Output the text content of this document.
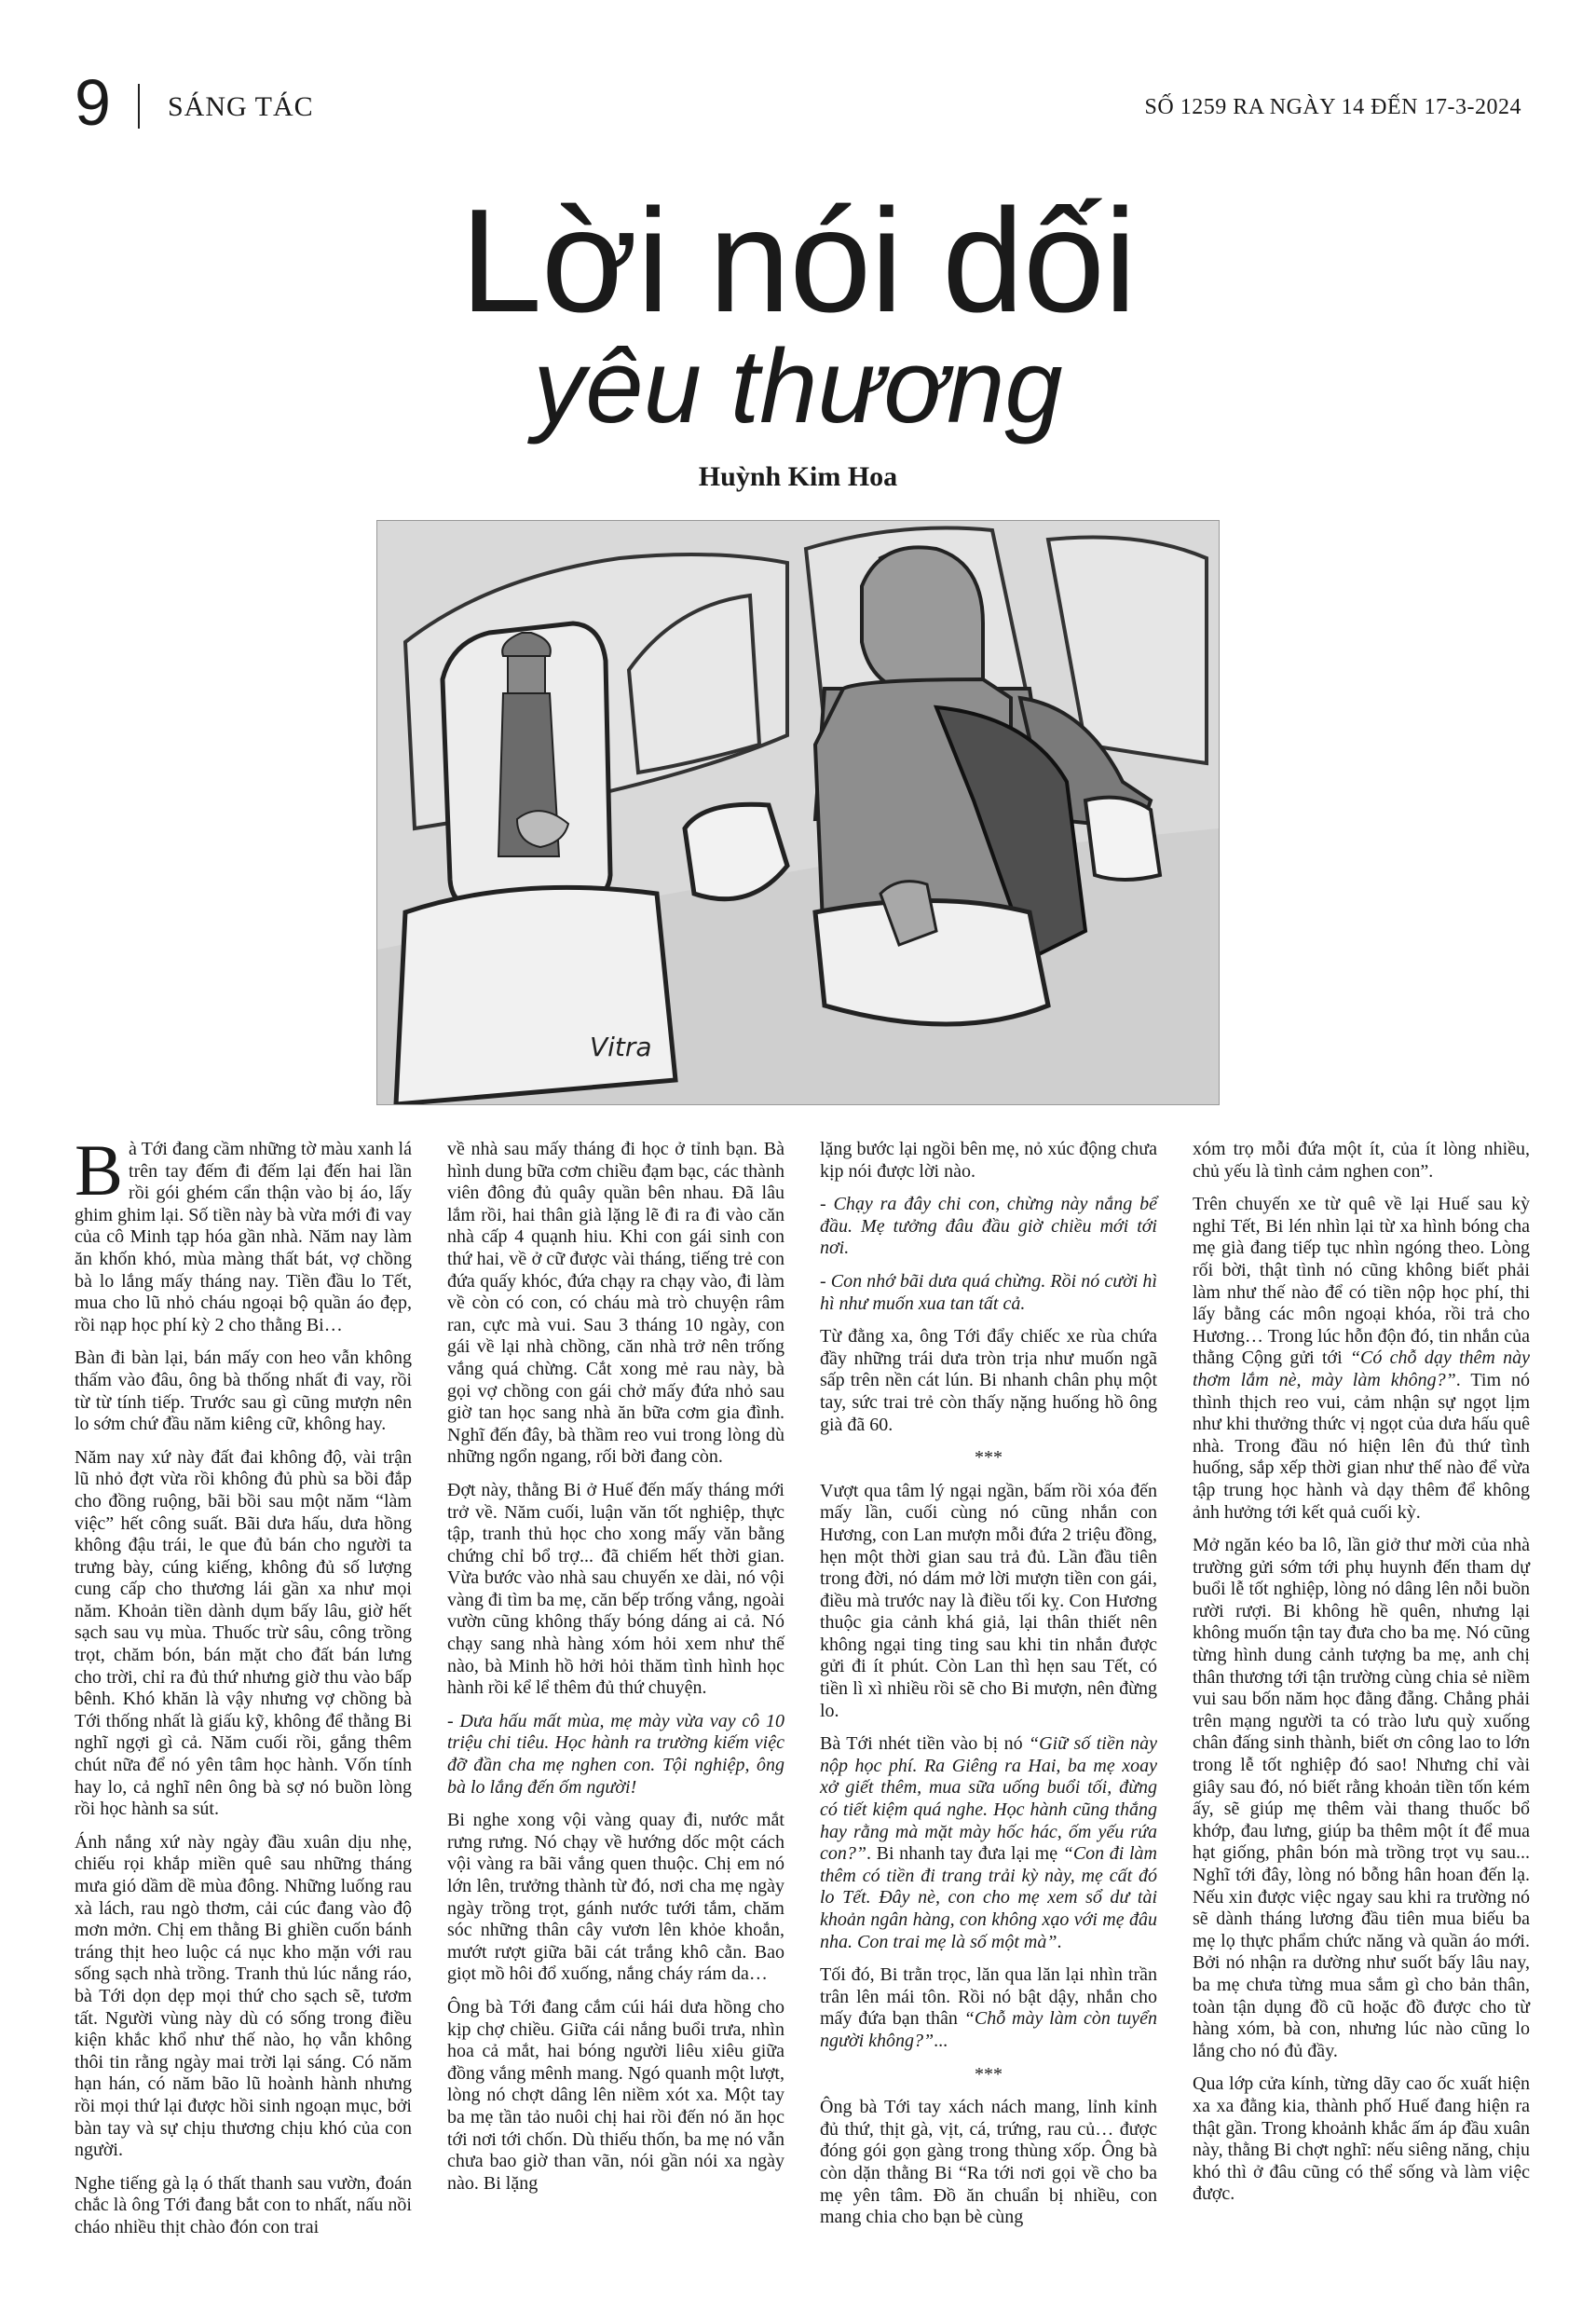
9 SÁNG TÁC	SỐ 1259 RA NGÀY 14 ĐẾN 17-3-2024
Lời nói dối
yêu thương
Huỳnh Kim Hoa
Vitra

Bà Tới đang cầm những tờ màu xanh lá trên tay đếm đi đếm lại đến hai lần rồi gói ghém cẩn thận vào bị áo, lấy ghim ghim lại. Số tiền này bà vừa mới đi vay của cô Minh tạp hóa gần nhà. Năm nay làm ăn khốn khó, mùa màng thất bát, vợ chồng bà lo lắng mấy tháng nay. Tiền đầu lo Tết, mua cho lũ nhỏ cháu ngoại bộ quần áo đẹp, rồi nạp học phí kỳ 2 cho thằng Bi…

Bàn đi bàn lại, bán mấy con heo vẫn không thấm vào đâu, ông bà thống nhất đi vay, rồi từ từ tính tiếp. Trước sau gì cũng mượn nên lo sớm chứ đầu năm kiêng cữ, không hay.

Năm nay xứ này đất đai không độ, vài trận lũ nhỏ đợt vừa rồi không đủ phù sa bồi đắp cho đồng ruộng, bãi bồi sau một năm “làm việc” hết công suất. Bãi dưa hấu, dưa hồng không đậu trái, le que đủ bán cho người ta trưng bày, cúng kiếng, không đủ số lượng cung cấp cho thương lái gần xa như mọi năm. Khoản tiền dành dụm bấy lâu, giờ hết sạch sau vụ mùa. Thuốc trừ sâu, công trồng trọt, chăm bón, bán mặt cho đất bán lưng cho trời, chỉ ra đủ thứ nhưng giờ thu vào bấp bênh. Khó khăn là vậy nhưng vợ chồng bà Tới thống nhất là giấu kỹ, không để thằng Bi nghĩ ngợi gì cả. Năm cuối rồi, gắng thêm chút nữa để nó yên tâm học hành. Vốn tính hay lo, cả nghĩ nên ông bà sợ nó buồn lòng rồi học hành sa sút.

Ánh nắng xứ này ngày đầu xuân dịu nhẹ, chiếu rọi khắp miền quê sau những tháng mưa gió dầm dề mùa đông. Những luống rau xà lách, rau ngò thơm, cải cúc đang vào độ mơn mởn. Chị em thằng Bi ghiền cuốn bánh tráng thịt heo luộc cá nục kho mặn với rau sống sạch nhà trồng. Tranh thủ lúc nắng ráo, bà Tới dọn dẹp mọi thứ cho sạch sẽ, tươm tất. Người vùng này dù có sống trong điều kiện khắc khổ như thế nào, họ vẫn không thôi tin rằng ngày mai trời lại sáng. Có năm hạn hán, có năm bão lũ hoành hành nhưng rồi mọi thứ lại được hồi sinh ngoạn mục, bởi bàn tay và sự chịu thương chịu khó của con người.

Nghe tiếng gà lạ ó thất thanh sau vườn, đoán chắc là ông Tới đang bắt con to nhất, nấu nồi cháo nhiều thịt chào đón con trai

về nhà sau mấy tháng đi học ở tỉnh bạn. Bà hình dung bữa cơm chiều đạm bạc, các thành viên đông đủ quây quần bên nhau. Đã lâu lắm rồi, hai thân già lặng lẽ đi ra đi vào căn nhà cấp 4 quạnh hiu. Khi con gái sinh con thứ hai, về ở cữ được vài tháng, tiếng trẻ con đứa quấy khóc, đứa chạy ra chạy vào, đi làm về còn có con, có cháu mà trò chuyện râm ran, cực mà vui. Sau 3 tháng 10 ngày, con gái về lại nhà chồng, căn nhà trở nên trống vắng quá chừng. Cắt xong mẻ rau này, bà gọi vợ chồng con gái chở mấy đứa nhỏ sau giờ tan học sang nhà ăn bữa cơm gia đình. Nghĩ đến đây, bà thầm reo vui trong lòng dù những ngổn ngang, rối bời đang còn.

Đợt này, thằng Bi ở Huế đến mấy tháng mới trở về. Năm cuối, luận văn tốt nghiệp, thực tập, tranh thủ học cho xong mấy văn bằng chứng chỉ bổ trợ... đã chiếm hết thời gian. Vừa bước vào nhà sau chuyến xe dài, nó vội vàng đi tìm ba mẹ, căn bếp trống vắng, ngoài vườn cũng không thấy bóng dáng ai cả. Nó chạy sang nhà hàng xóm hỏi xem như thế nào, bà Minh hồ hởi hỏi thăm tình hình học hành rồi kể lể thêm đủ thứ chuyện.

- Dưa hấu mất mùa, mẹ mày vừa vay cô 10 triệu chi tiêu. Học hành ra trường kiếm việc đỡ đần cha mẹ nghen con. Tội nghiệp, ông bà lo lắng đến ốm người!

Bi nghe xong vội vàng quay đi, nước mắt rưng rưng. Nó chạy về hướng dốc một cách vội vàng ra bãi vắng quen thuộc. Chị em nó lớn lên, trưởng thành từ đó, nơi cha mẹ ngày ngày trồng trọt, gánh nước tưới tắm, chăm sóc những thân cây vươn lên khỏe khoắn, mướt rượt giữa bãi cát trắng khô cằn. Bao giọt mồ hôi đổ xuống, nắng cháy rám da…

Ông bà Tới đang cắm cúi hái dưa hồng cho kịp chợ chiều. Giữa cái nắng buổi trưa, nhìn hoa cả mắt, hai bóng người liêu xiêu giữa đồng vắng mênh mang. Ngó quanh một lượt, lòng nó chợt dâng lên niềm xót xa. Một tay ba mẹ tần tảo nuôi chị hai rồi đến nó ăn học tới nơi tới chốn. Dù thiếu thốn, ba mẹ nó vẫn chưa bao giờ than vãn, nói gần nói xa ngày nào. Bi lặng

lặng bước lại ngồi bên mẹ, nỏ xúc động chưa kịp nói được lời nào.

- Chạy ra đây chi con, chừng này nắng bể đầu. Mẹ tưởng đâu đầu giờ chiều mới tới nơi.

- Con nhớ bãi dưa quá chừng. Rồi nó cười hì hì như muốn xua tan tất cả.

Từ đằng xa, ông Tới đẩy chiếc xe rùa chứa đầy những trái dưa tròn trịa như muốn ngã sấp trên nền cát lún. Bi nhanh chân phụ một tay, sức trai trẻ còn thấy nặng huống hồ ông già đã 60.

***

Vượt qua tâm lý ngại ngần, bấm rồi xóa đến mấy lần, cuối cùng nó cũng nhắn con Hương, con Lan mượn mỗi đứa 2 triệu đồng, hẹn một thời gian sau trả đủ. Lần đầu tiên trong đời, nó dám mở lời mượn tiền con gái, điều mà trước nay là điều tối kỵ. Con Hương thuộc gia cảnh khá giả, lại thân thiết nên không ngại ting ting sau khi tin nhắn được gửi đi ít phút. Còn Lan thì hẹn sau Tết, có tiền lì xì nhiều rồi sẽ cho Bi mượn, nên đừng lo.

Bà Tới nhét tiền vào bị nó “Giữ số tiền này nộp học phí. Ra Giêng ra Hai, ba mẹ xoay xở giết thêm, mua sữa uống buổi tối, đừng có tiết kiệm quá nghe. Học hành cũng thắng hay rằng mà mặt mày hốc hác, ốm yếu rứa con?”. Bi nhanh tay đưa lại mẹ “Con đi làm thêm có tiền đi trang trải kỳ này, mẹ cất đó lo Tết. Đây nè, con cho mẹ xem sổ dư tài khoản ngân hàng, con không xạo với mẹ đâu nha. Con trai mẹ là số một mà”.

Tối đó, Bi trằn trọc, lăn qua lăn lại nhìn trần trân lên mái tôn. Rồi nó bật dậy, nhắn cho mấy đứa bạn thân “Chỗ mày làm còn tuyển người không?”...

***

Ông bà Tới tay xách nách mang, lỉnh kỉnh đủ thứ, thịt gà, vịt, cá, trứng, rau củ… được đóng gói gọn gàng trong thùng xốp. Ông bà còn dặn thằng Bi “Ra tới nơi gọi về cho ba mẹ yên tâm. Đồ ăn chuẩn bị nhiều, con mang chia cho bạn bè cùng

xóm trọ mỗi đứa một ít, của ít lòng nhiều, chủ yếu là tình cảm nghen con”.

Trên chuyến xe từ quê về lại Huế sau kỳ nghỉ Tết, Bi lén nhìn lại từ xa hình bóng cha mẹ già đang tiếp tục nhìn ngóng theo. Lòng rối bời, thật tình nó cũng không biết phải làm như thế nào để có tiền nộp học phí, thi lấy bằng các môn ngoại khóa, rồi trả cho Hương… Trong lúc hỗn độn đó, tin nhắn của thằng Cộng gửi tới “Có chỗ dạy thêm này thơm lắm nè, mày làm không?”. Tim nó thình thịch reo vui, cảm nhận sự ngọt lịm như khi thưởng thức vị ngọt của dưa hấu quê nhà. Trong đầu nó hiện lên đủ thứ tình huống, sắp xếp thời gian như thế nào để vừa tập trung học hành và dạy thêm để không ảnh hưởng tới kết quả cuối kỳ.

Mở ngăn kéo ba lô, lần giở thư mời của nhà trường gửi sớm tới phụ huynh đến tham dự buổi lễ tốt nghiệp, lòng nó dâng lên nỗi buồn rười rượi. Bi không hề quên, nhưng lại không muốn tận tay đưa cho ba mẹ. Nó cũng từng hình dung cảnh tượng ba mẹ, anh chị thân thương tới tận trường cùng chia sẻ niềm vui sau bốn năm học đằng đẵng. Chẳng phải trên mạng người ta có trào lưu quỳ xuống chân đấng sinh thành, biết ơn công lao to lớn trong lễ tốt nghiệp đó sao! Nhưng chỉ vài giây sau đó, nó biết rằng khoản tiền tốn kém ấy, sẽ giúp mẹ thêm vài thang thuốc bổ khớp, đau lưng, giúp ba thêm một ít để mua hạt giống, phân bón mà trồng trọt vụ sau... Nghĩ tới đây, lòng nó bỗng hân hoan đến lạ. Nếu xin được việc ngay sau khi ra trường nó sẽ dành tháng lương đầu tiên mua biếu ba mẹ lọ thực phẩm chức năng và quần áo mới. Bởi nó nhận ra dường như suốt bấy lâu nay, ba mẹ chưa từng mua sắm gì cho bản thân, toàn tận dụng đồ cũ hoặc đồ được cho từ hàng xóm, bà con, nhưng lúc nào cũng lo lắng cho nó đủ đầy.

Qua lớp cửa kính, từng dãy cao ốc xuất hiện xa xa đằng kia, thành phố Huế đang hiện ra thật gần. Trong khoảnh khắc ấm áp đầu xuân này, thằng Bi chợt nghĩ: nếu siêng năng, chịu khó thì ở đâu cũng có thể sống và làm việc được.
